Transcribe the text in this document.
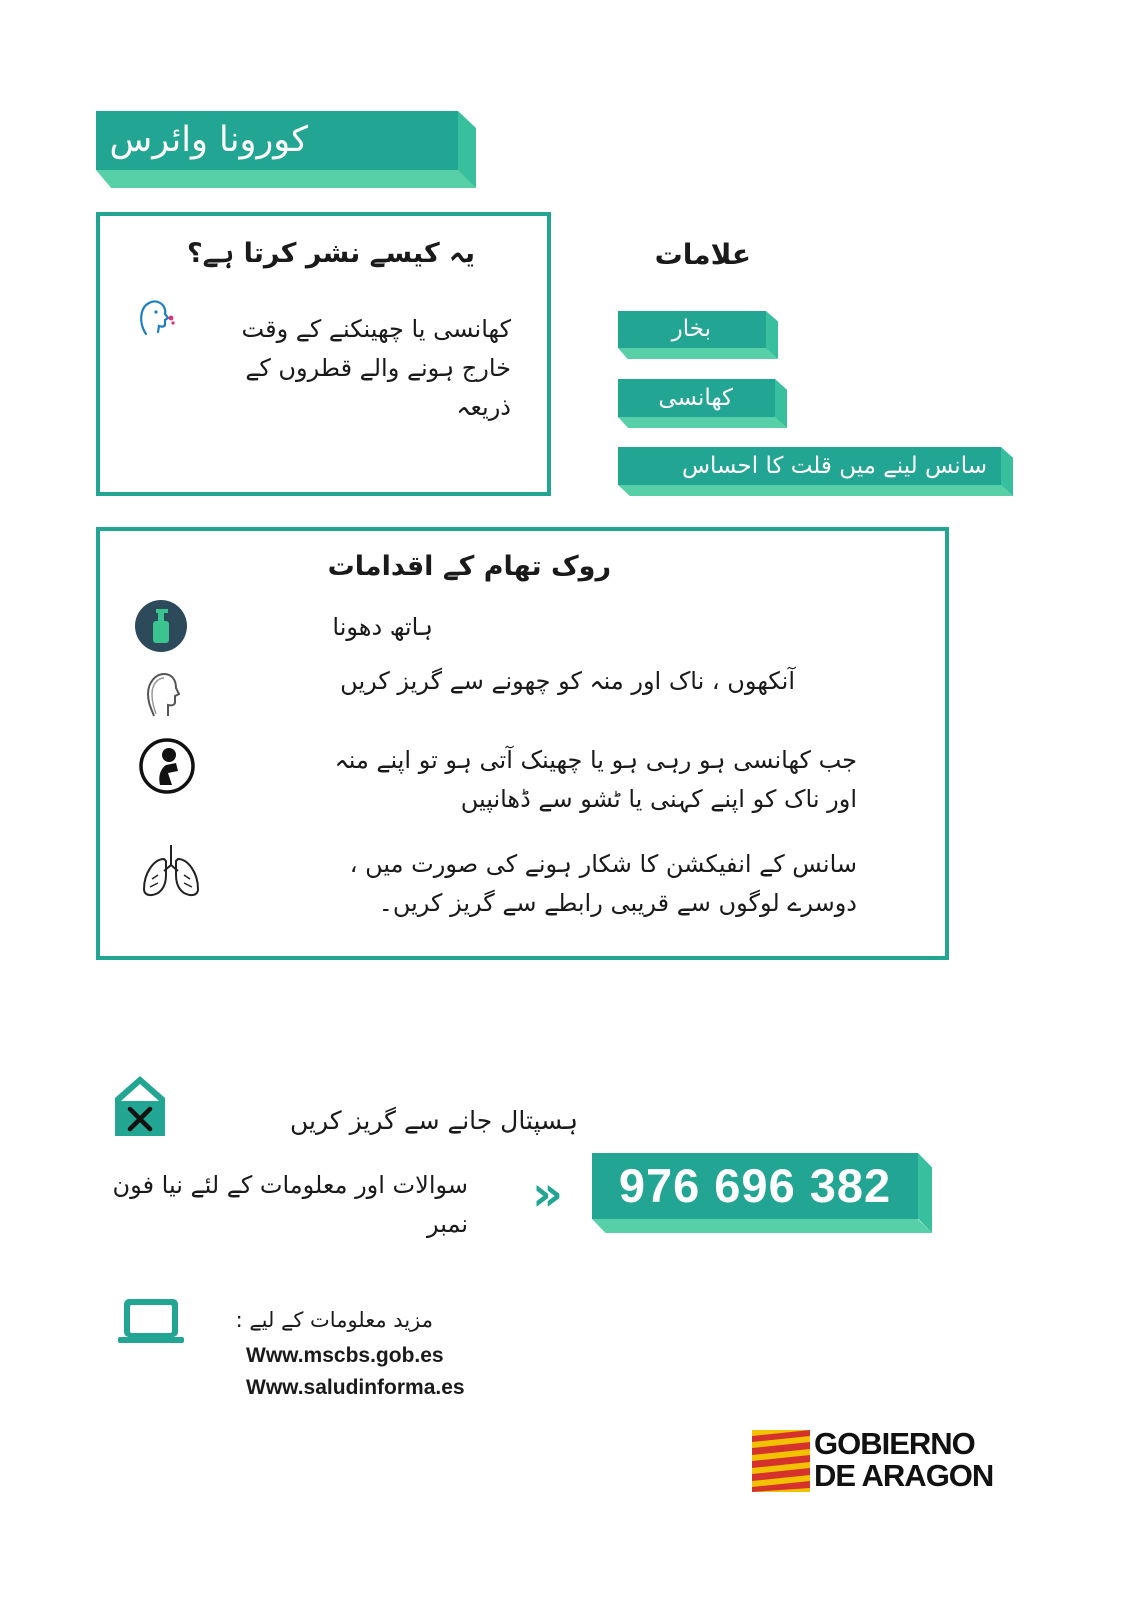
کورونا وائرس
یہ کیسے نشر کرتا ہے؟
کھانسی یا چھینکنے کے وقت خارج ہونے والے قطروں کے ذریعہ
علامات
بخار
کھانسی
سانس لینے میں قلت کا احساس
روک تھام کے اقدامات
ہاتھ دھونا
آنکھوں ، ناک اور منہ کو چھونے سے گریز کریں
جب کھانسی ہو رہی ہو یا چھینک آتی ہو تو اپنے منہ اور ناک کو اپنے کہنی یا ٹشو سے ڈھانپیں
سانس کے انفیکشن کا شکار ہونے کی صورت میں ، دوسرے لوگوں سے قریبی رابطے سے گریز کریں۔
ہسپتال جانے سے گریز کریں
سوالات اور معلومات کے لئے نیا فون نمبر
»	976 696 382
مزید معلومات کے لیے :
Www.mscbs.gob.es
Www.saludinforma.es
GOBIERNO
DE ARAGON
